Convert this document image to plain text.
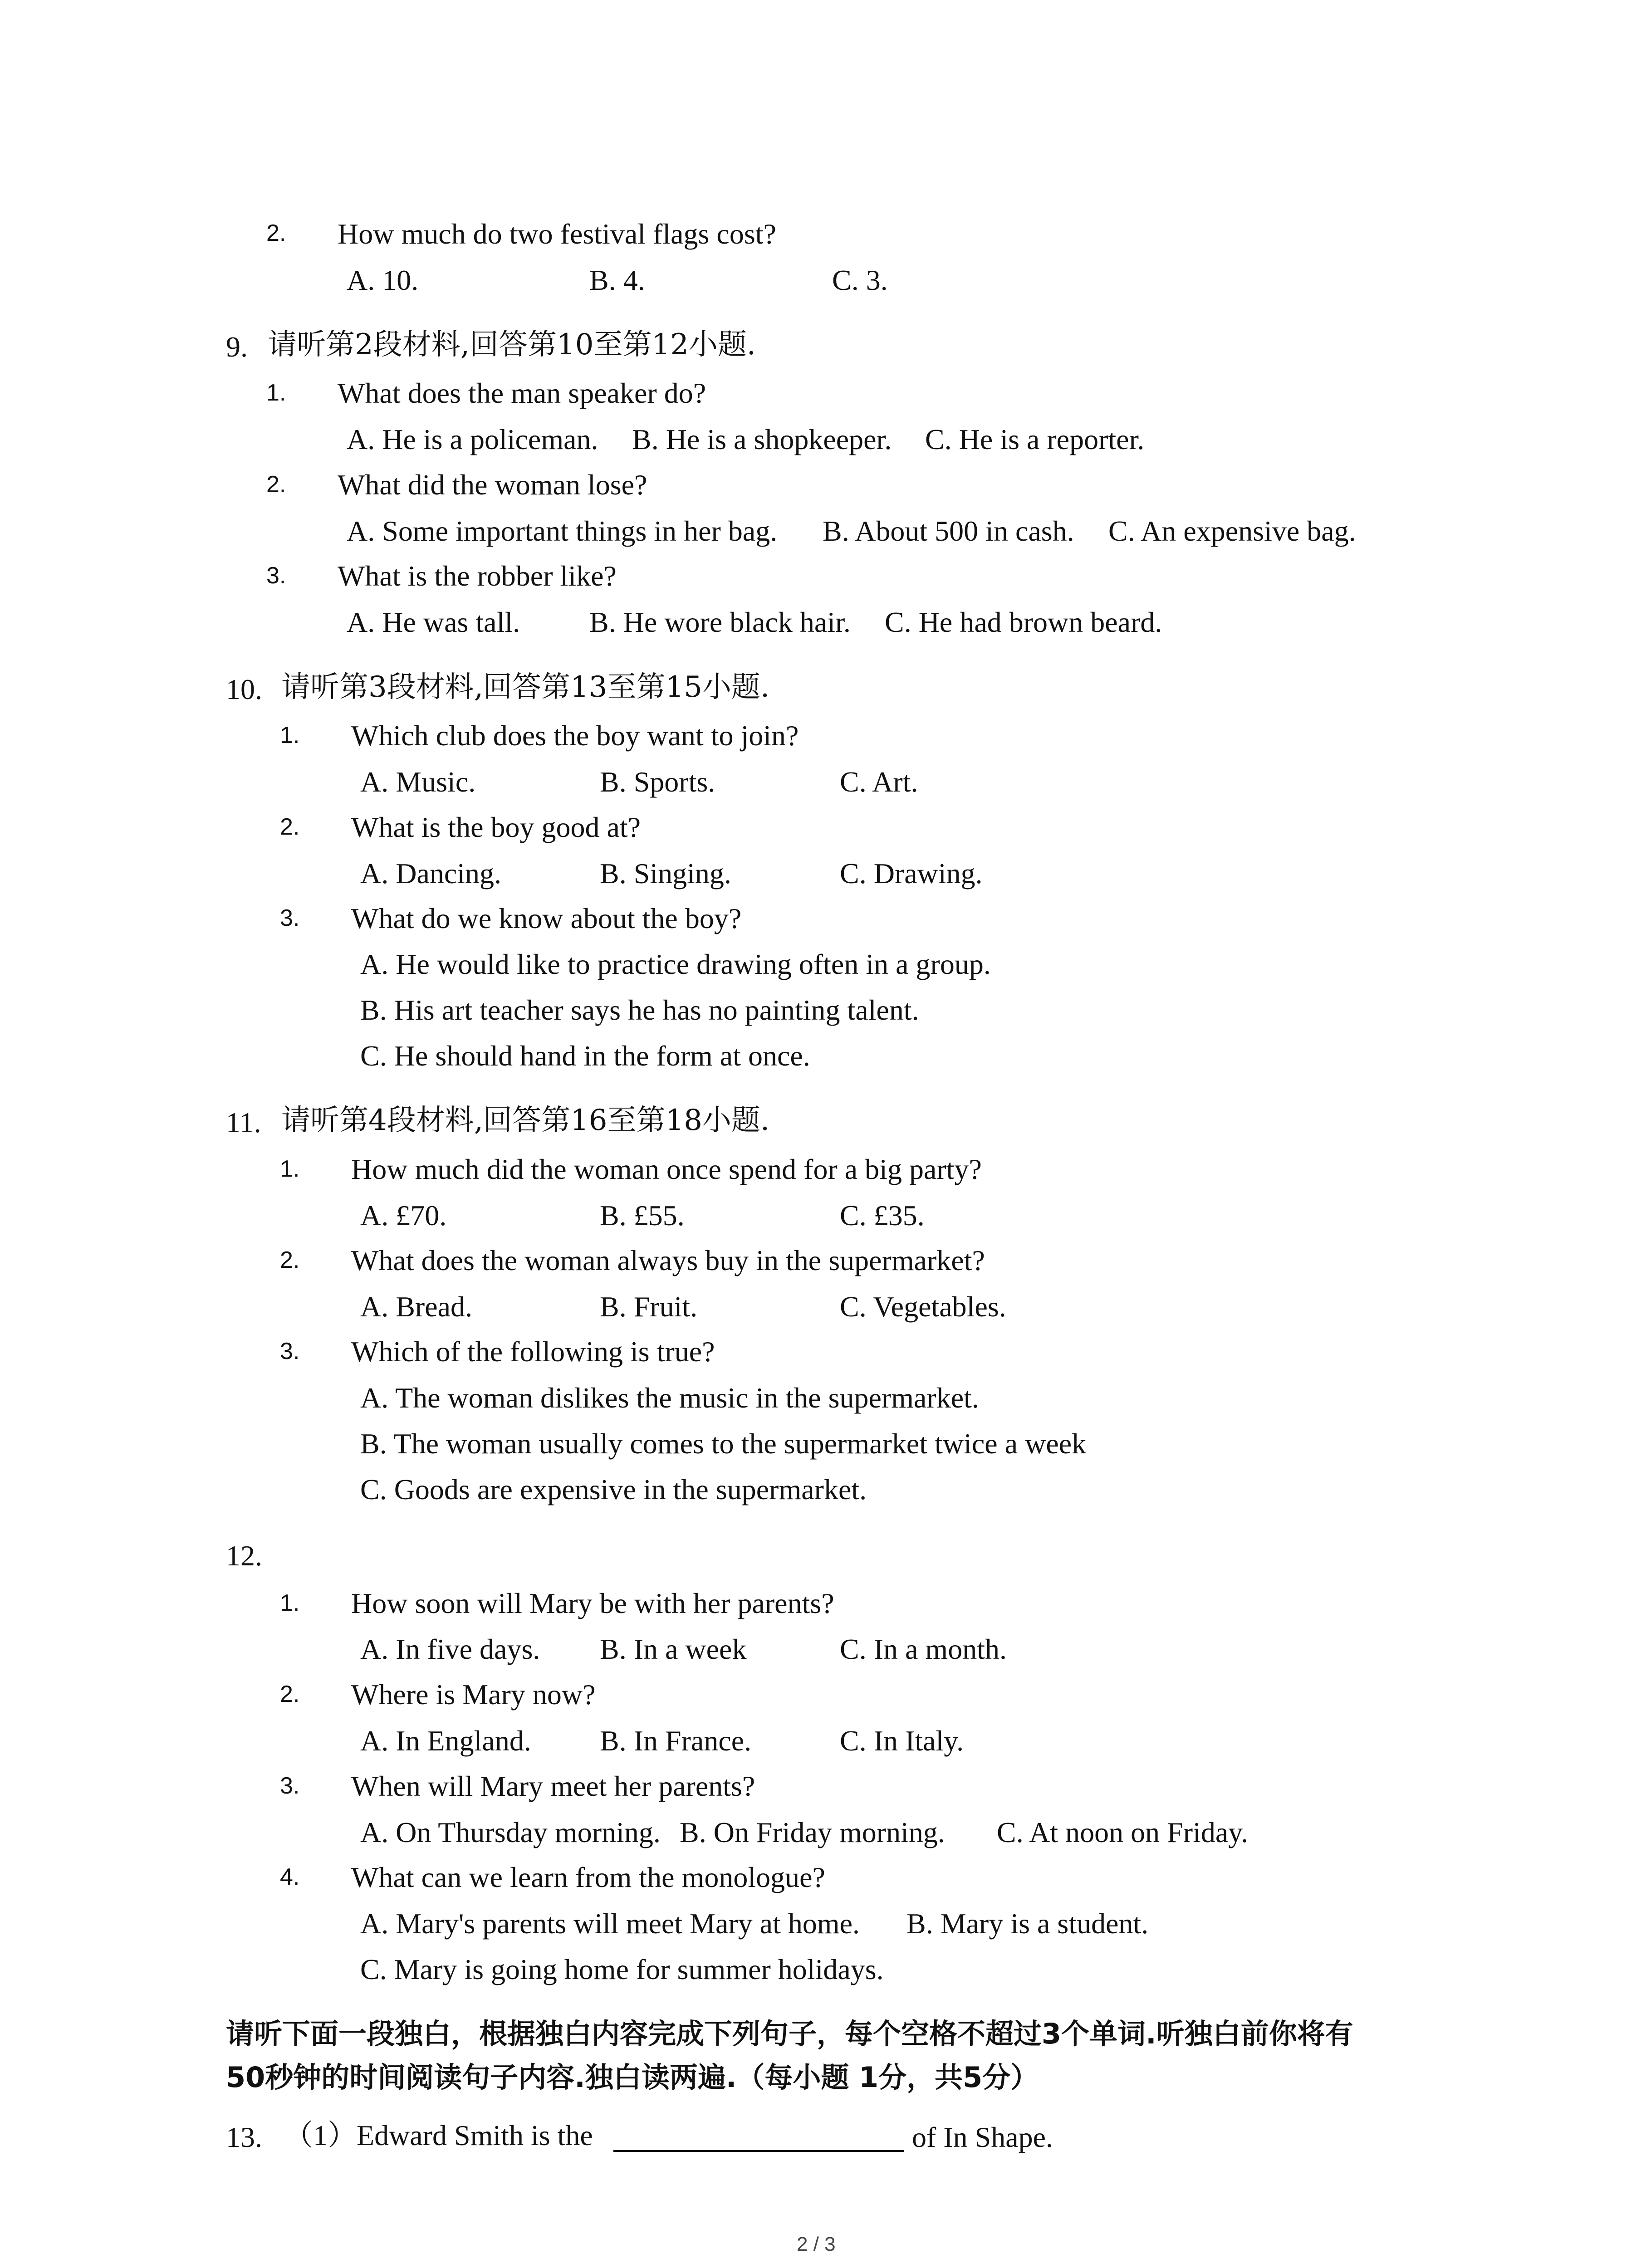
2. How much do two festival flags cost?
A. 10.	B. 4.	C. 3.
9. 请听第2段材料,回答第10至第12小题.
1. What does the man speaker do?
A. He is a policeman. B. He is a shopkeeper. C. He is a reporter.
2. What did the woman lose?
A. Some important things in her bag. B. About 500 in cash. C. An expensive bag.
3. What is the robber like?
A. He was tall. B. He wore black hair. C. He had brown beard.
10. 请听第3段材料,回答第13至第15小题.
1. Which club does the boy want to join?
A. Music.	B. Sports.	C. Art.
2. What is the boy good at?
A. Dancing.	B. Singing.	C. Drawing.
3. What do we know about the boy?
A. He would like to practice drawing often in a group.
B. His art teacher says he has no painting talent.
C. He should hand in the form at once.
11. 请听第4段材料,回答第16至第18小题.
1. How much did the woman once spend for a big party?
A. £70.	B. £55.	C. £35.
2. What does the woman always buy in the supermarket?
A. Bread.	B. Fruit.	C. Vegetables.
3. Which of the following is true?
A. The woman dislikes the music in the supermarket.
B. The woman usually comes to the supermarket twice a week
C. Goods are expensive in the supermarket.
12.
1. How soon will Mary be with her parents?
A. In five days. B. In a week	C. In a month.
2. Where is Mary now?
A. In England. B. In France.	C. In Italy.
3. When will Mary meet her parents?
A. On Thursday morning. B. On Friday morning. C. At noon on Friday.
4. What can we learn from the monologue?
A. Mary's parents will meet Mary at home. B. Mary is a student.
C. Mary is going home for summer holidays.
请听下面一段独白，根据独白内容完成下列句子，每个空格不超过3个单词.听独白前你将有
50秒钟的时间阅读句子内容.独白读两遍.（每小题 1分，共5分）
13. （1）Edward Smith is the	of In Shape.
2 / 3
